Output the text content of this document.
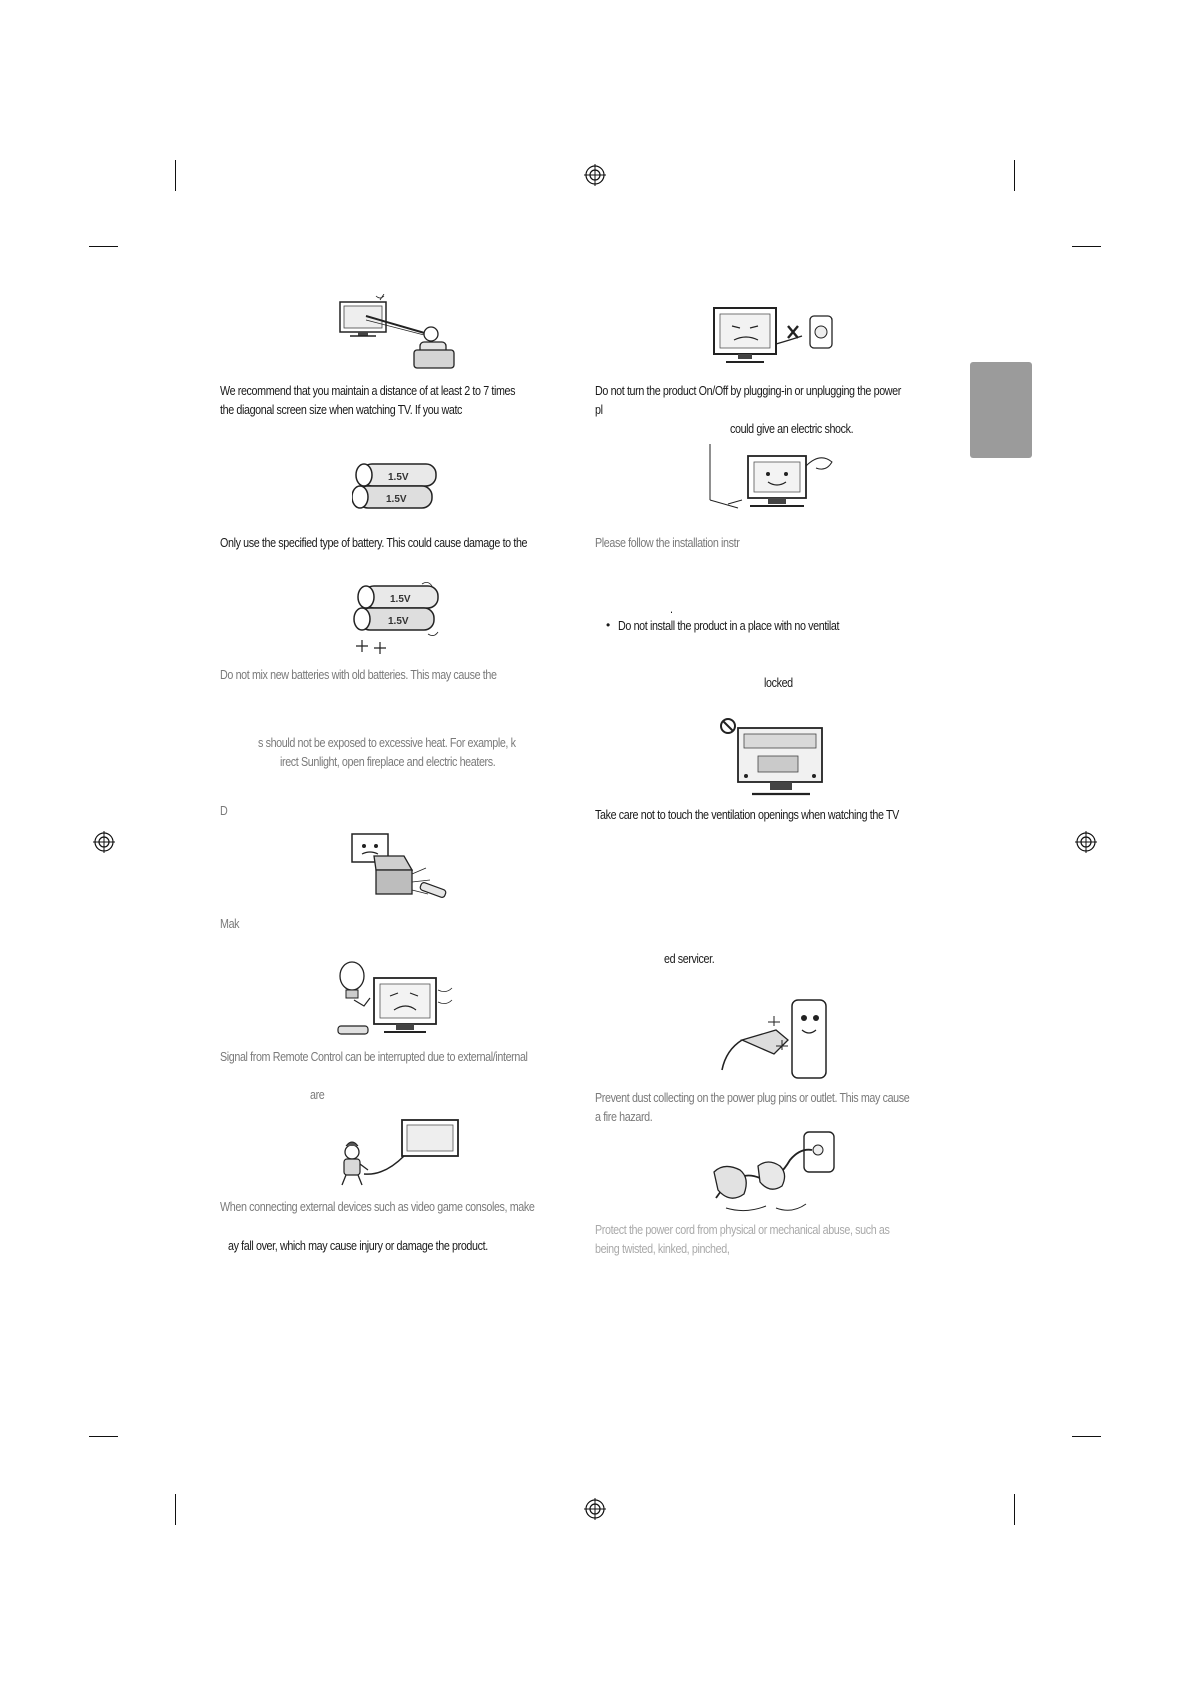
We recommend that you maintain a distance of at least 2 to 7 times
the diagonal screen size when watching TV. If you watc
1.5V
1.5V
Only use the specified type of battery. This could cause damage to the
1.5V
1.5V
Do not mix new batteries with old batteries. This may cause the
s should not be exposed to excessive heat. For example, k
irect Sunlight, open fireplace and electric heaters.
D
Mak
Signal from Remote Control can be interrupted due to external/internal
are
When connecting external devices such as video game consoles, make
ay fall over, which may cause injury or damage the product.
Do not turn the product On/Off by plugging-in or unplugging the power
pl
could give an electric shock.
Please follow the installation instr
.
• Do not install the product in a place with no ventilat
locked
Take care not to touch the ventilation openings when watching the TV
ed servicer.
Prevent dust collecting on the power plug pins or outlet. This may cause
a fire hazard.
Protect the power cord from physical or mechanical abuse, such as
being twisted, kinked, pinched,
